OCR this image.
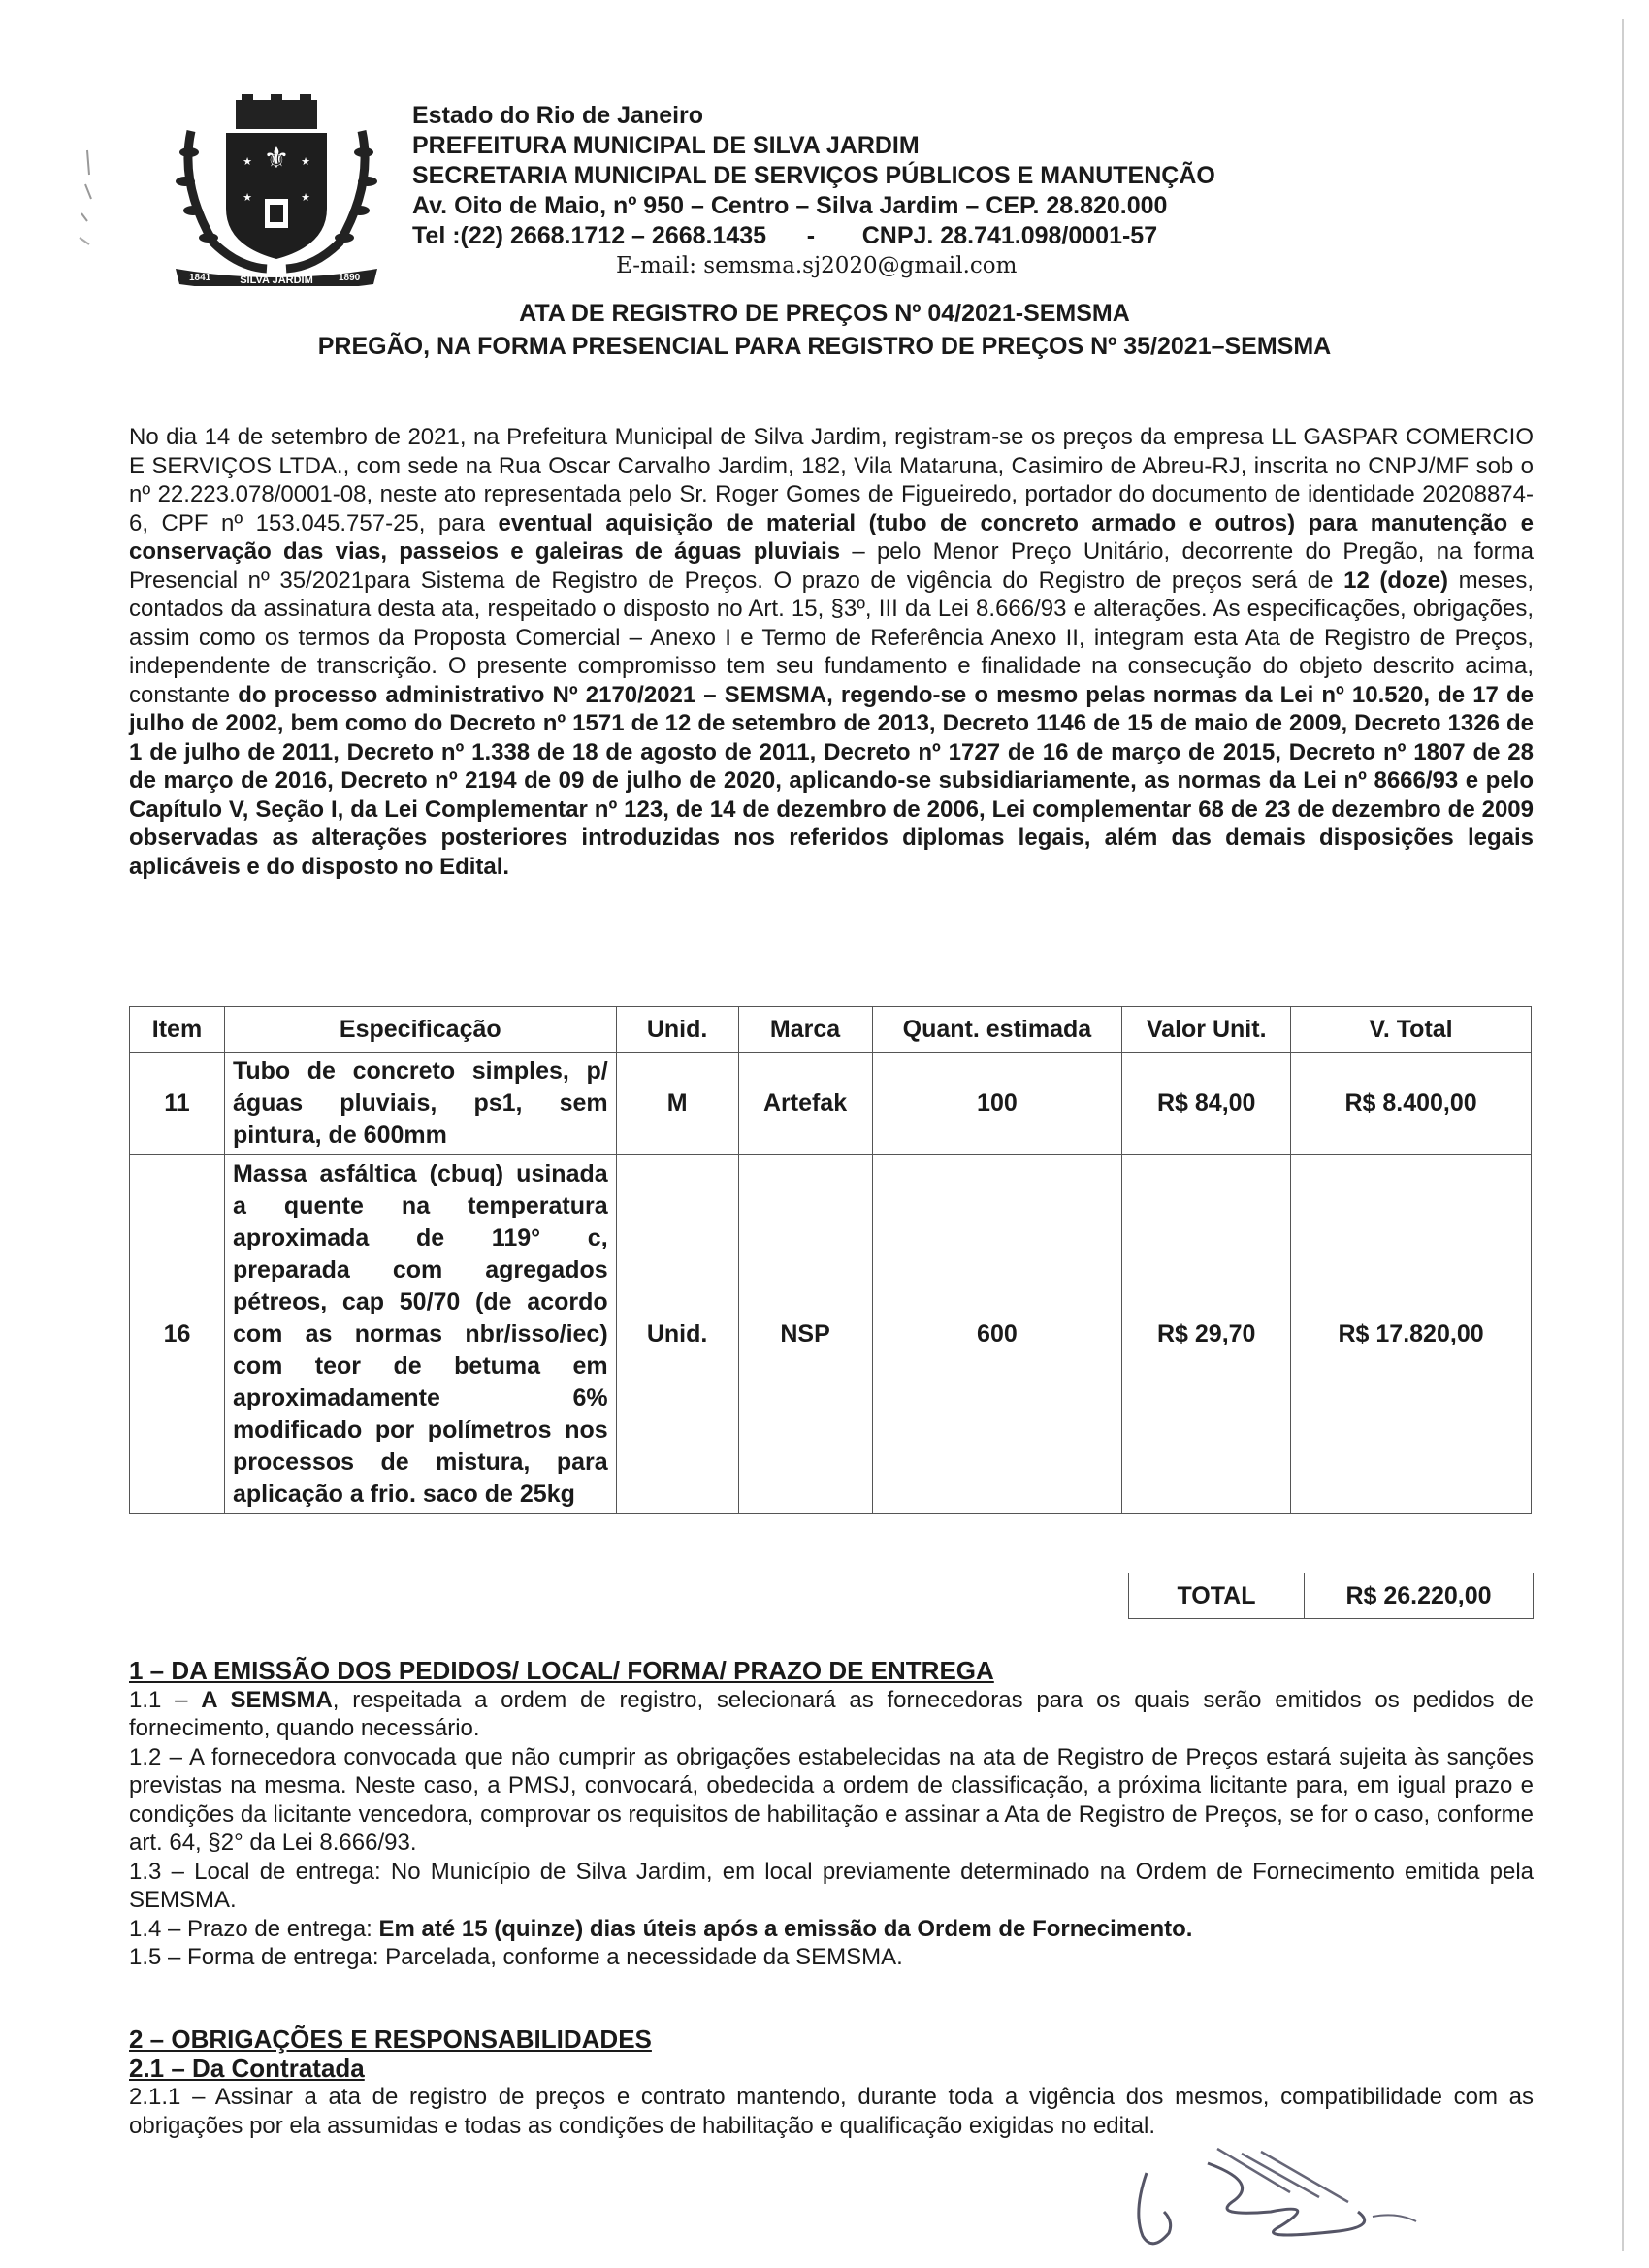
⚜
★	★
★	★
1841	SILVA JARDIM	1890
Estado do Rio de Janeiro
PREFEITURA MUNICIPAL DE SILVA JARDIM
SECRETARIA MUNICIPAL DE SERVIÇOS PÚBLICOS E MANUTENÇÃO
Av. Oito de Maio, nº 950 – Centro – Silva Jardim – CEP. 28.820.000
Tel :(22) 2668.1712 – 2668.1435      -       CNPJ. 28.741.098/0001-57
E-mail: semsma.sj2020@gmail.com
ATA DE REGISTRO DE PREÇOS Nº 04/2021-SEMSMA
PREGÃO, NA FORMA PRESENCIAL PARA REGISTRO DE PREÇOS Nº 35/2021–SEMSMA

No dia 14 de setembro de 2021, na Prefeitura Municipal de Silva Jardim, registram-se os preços da empresa LL GASPAR COMERCIO E SERVIÇOS LTDA., com sede na Rua Oscar Carvalho Jardim, 182, Vila Mataruna, Casimiro de Abreu-RJ, inscrita no CNPJ/MF sob o nº 22.223.078/0001-08, neste ato representada pelo Sr. Roger Gomes de Figueiredo, portador do documento de identidade 20208874-6, CPF nº 153.045.757-25, para eventual aquisição de material (tubo de concreto armado e outros) para manutenção e conservação das vias, passeios e galeiras de águas pluviais – pelo Menor Preço Unitário, decorrente do Pregão, na forma Presencial nº 35/2021para Sistema de Registro de Preços. O prazo de vigência do Registro de preços será de 12 (doze) meses, contados da assinatura desta ata, respeitado o disposto no Art. 15, §3º, III da Lei 8.666/93 e alterações. As especificações, obrigações, assim como os termos da Proposta Comercial – Anexo I e Termo de Referência Anexo II, integram esta Ata de Registro de Preços, independente de transcrição. O presente compromisso tem seu fundamento e finalidade na consecução do objeto descrito acima, constante do processo administrativo Nº 2170/2021 – SEMSMA, regendo-se o mesmo pelas normas da Lei nº 10.520, de 17 de julho de 2002, bem como do Decreto nº 1571 de 12 de setembro de 2013, Decreto 1146 de 15 de maio de 2009, Decreto 1326 de 1 de julho de 2011, Decreto nº 1.338 de 18 de agosto de 2011, Decreto nº 1727 de 16 de março de 2015, Decreto nº 1807 de 28 de março de 2016, Decreto nº 2194 de 09 de julho de 2020, aplicando-se subsidiariamente, as normas da Lei nº 8666/93 e pelo Capítulo V, Seção I, da Lei Complementar nº 123, de 14 de dezembro de 2006, Lei complementar 68 de 23 de dezembro de 2009 observadas as alterações posteriores introduzidas nos referidos diplomas legais, além das demais disposições legais aplicáveis e do disposto no Edital.

Item	Especificação	Unid.	Marca	Quant. estimada	Valor Unit.	V. Total
11	Tubo de concreto simples, p/ águas pluviais, ps1, sem pintura, de 600mm	M	Artefak	100	R$ 84,00	R$ 8.400,00
16	Massa asfáltica (cbuq) usinada a quente na temperatura aproximada de 119° c, preparada com agregados pétreos, cap 50/70 (de acordo com as normas nbr/isso/iec) com teor de betuma em aproximadamente 6% modificado por polímetros nos processos de mistura, para aplicação a frio. saco de 25kg	Unid.	NSP	600	R$ 29,70	R$ 17.820,00
TOTAL	R$ 26.220,00
1 – DA EMISSÃO DOS PEDIDOS/ LOCAL/ FORMA/ PRAZO DE ENTREGA

1.1 – A SEMSMA, respeitada a ordem de registro, selecionará as fornecedoras para os quais serão emitidos os pedidos de fornecimento, quando necessário.

1.2 – A fornecedora convocada que não cumprir as obrigações estabelecidas na ata de Registro de Preços estará sujeita às sanções previstas na mesma. Neste caso, a PMSJ, convocará, obedecida a ordem de classificação, a próxima licitante para, em igual prazo e condições da licitante vencedora, comprovar os requisitos de habilitação e assinar a Ata de Registro de Preços, se for o caso, conforme art. 64, §2° da Lei 8.666/93.

1.3 – Local de entrega: No Município de Silva Jardim, em local previamente determinado na Ordem de Fornecimento emitida pela SEMSMA.

1.4 – Prazo de entrega: Em até 15 (quinze) dias úteis após a emissão da Ordem de Fornecimento.

1.5 – Forma de entrega: Parcelada, conforme a necessidade da SEMSMA.

2 – OBRIGAÇÕES E RESPONSABILIDADES
2.1 – Da Contratada

2.1.1 – Assinar a ata de registro de preços e contrato mantendo, durante toda a vigência dos mesmos, compatibilidade com as obrigações por ela assumidas e todas as condições de habilitação e qualificação exigidas no edital.
